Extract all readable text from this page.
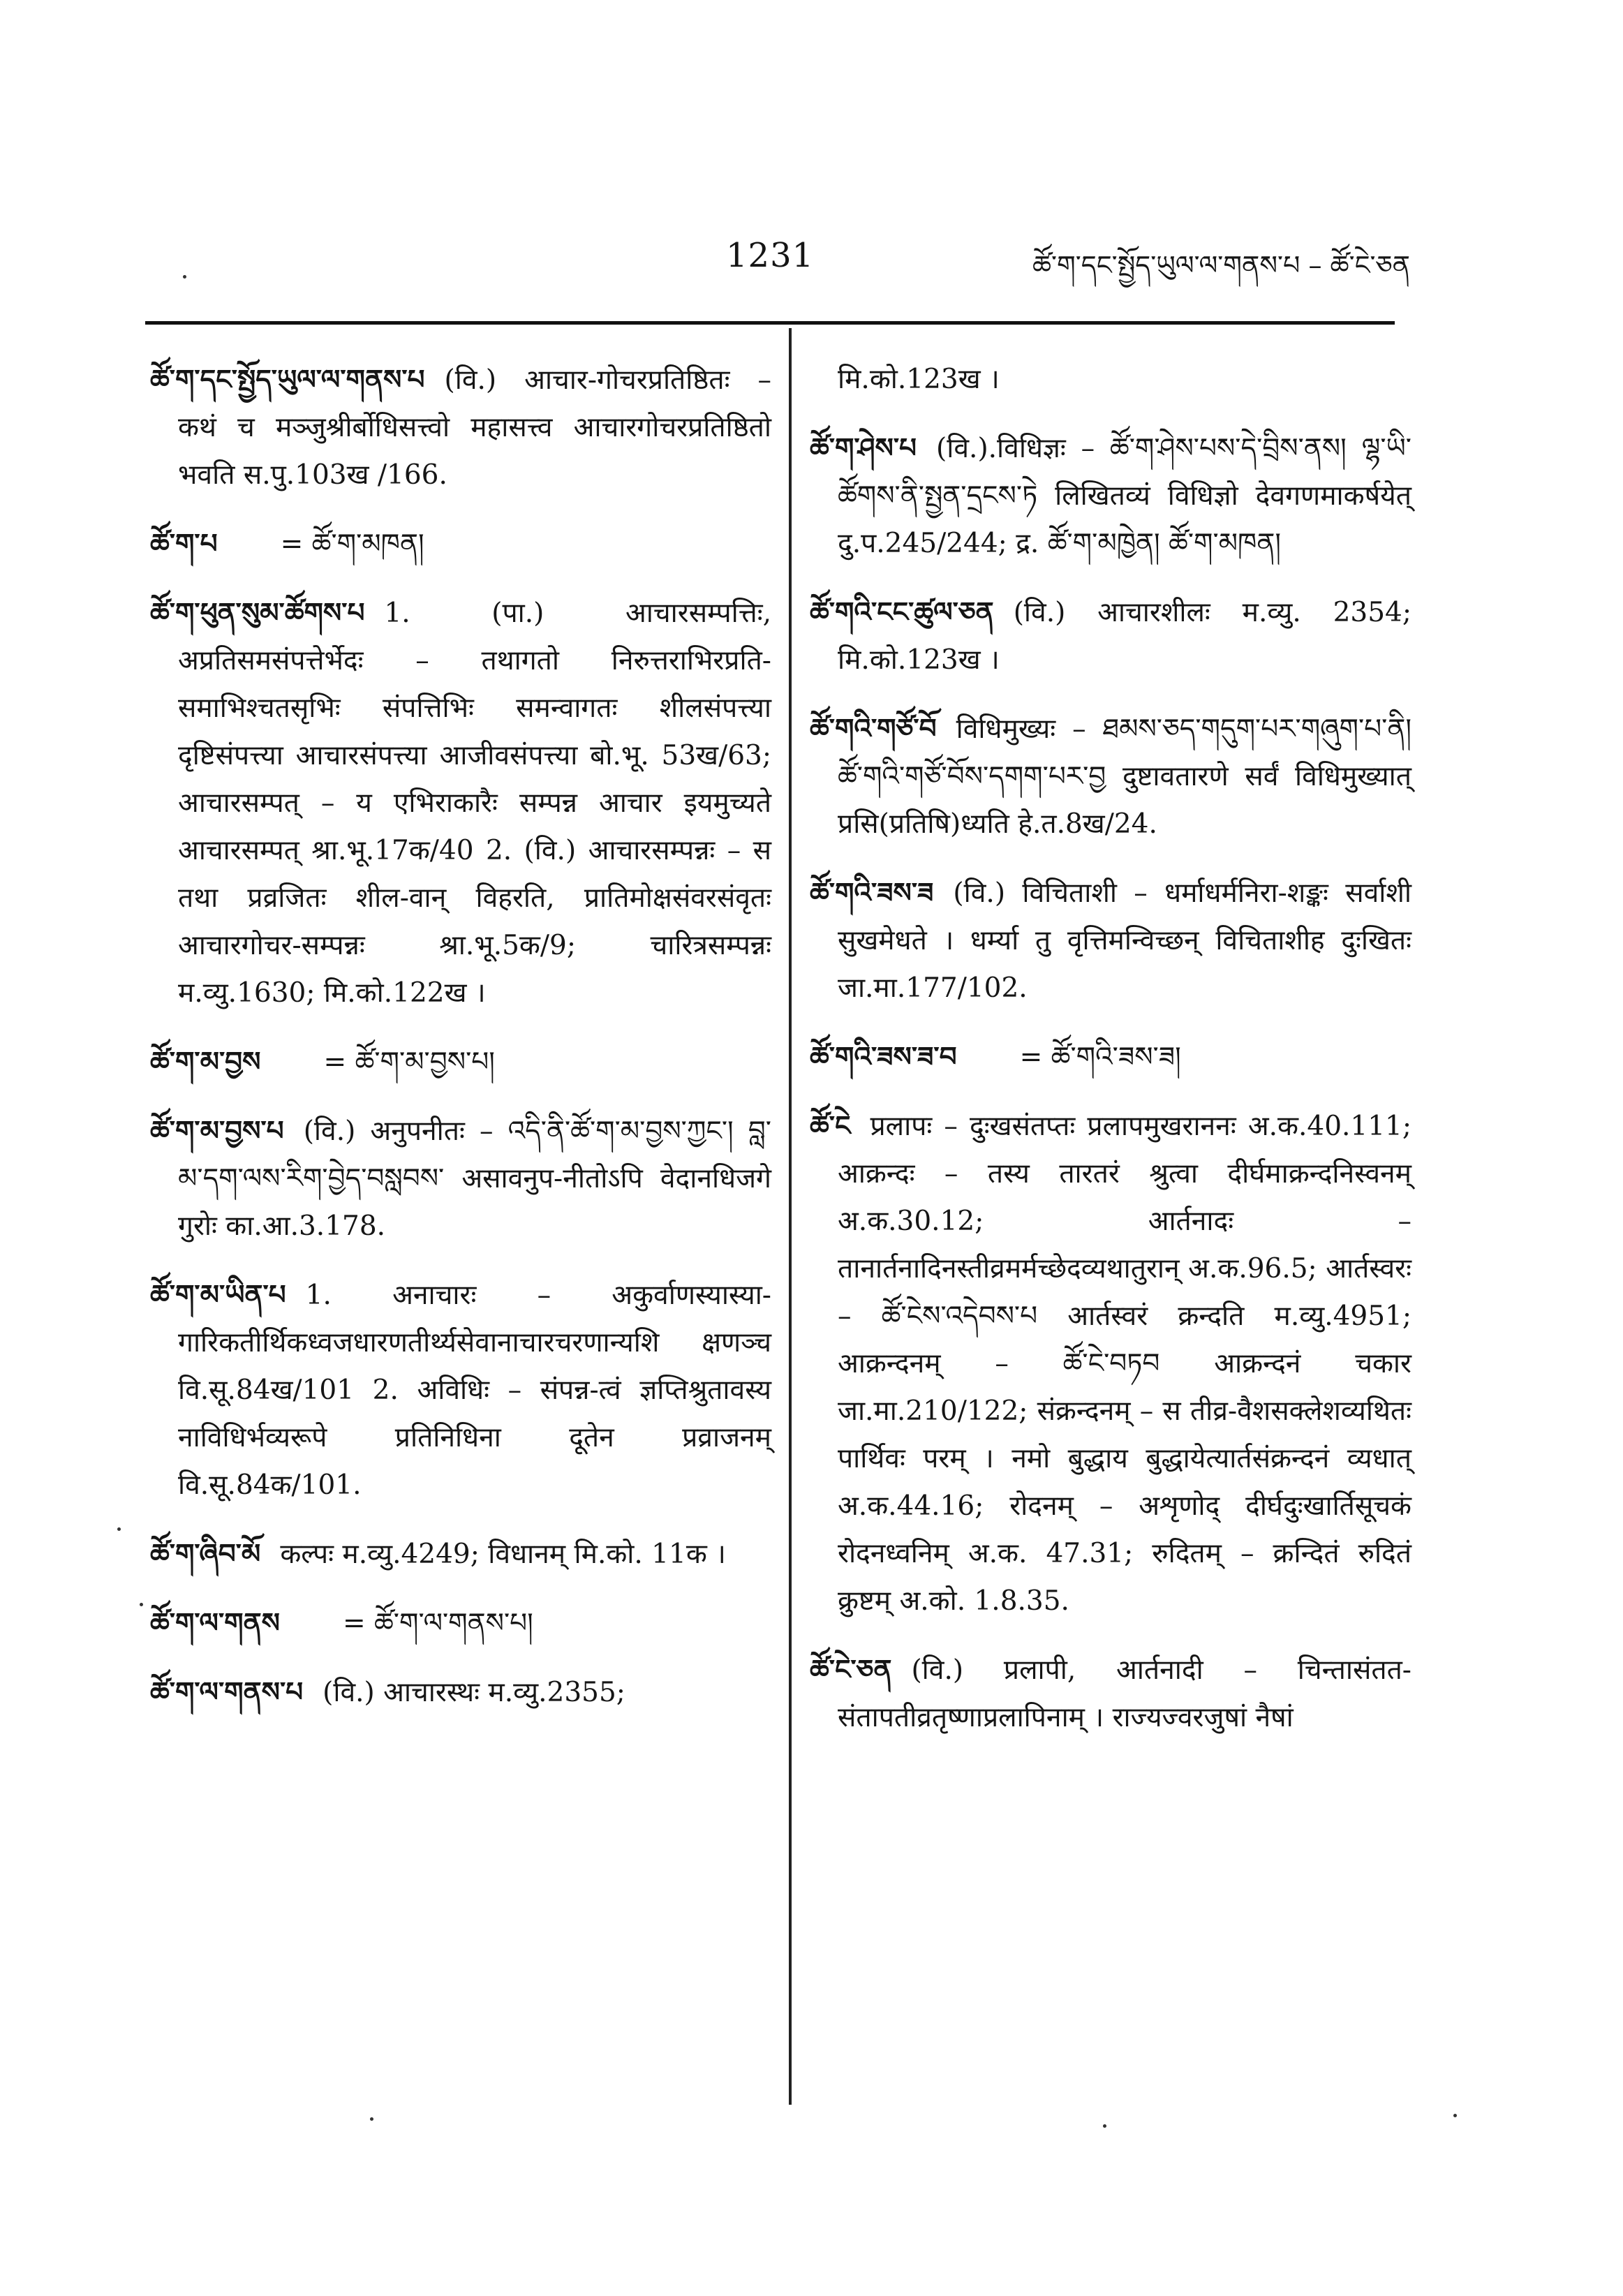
1231	ཚོ་ག་དང་སྤྱོད་ཡུལ་ལ་གནས་པ – ཚོ་ངེ་ཅན

ཚོ་ག་དང་སྤྱོད་ཡུལ་ལ་གནས་པ (वि.) आचार-गोचरप्रतिष्ठितः – कथं च मञ्जुश्रीर्बोधिसत्त्वो महासत्त्व आचारगोचरप्रतिष्ठितो भवति स.पु.103ख /166.

ཚོ་ག་པ = ཚོ་ག་མཁན།

ཚོ་ག་ཕུན་སུམ་ཚོགས་པ 1. (पा.) आचारसम्पत्तिः, अप्रतिसमसंपत्तेर्भेदः – तथागतो निरुत्तराभिरप्रति-समाभिश्चतसृभिः संपत्तिभिः समन्वागतः शीलसंपत्त्या दृष्टिसंपत्त्या आचारसंपत्त्या आजीवसंपत्त्या बो.भू. 53ख/63; आचारसम्पत् – य एभिराकारैः सम्पन्न आचार इयमुच्यते आचारसम्पत् श्रा.भू.17क/40 2. (वि.) आचारसम्पन्नः – स तथा प्रव्रजितः शील-वान् विहरति, प्रातिमोक्षसंवरसंवृतः आचारगोचर-सम्पन्नः श्रा.भू.5क/9; चारित्रसम्पन्नः म.व्यु.1630; मि.को.122ख ।

ཚོ་ག་མ་བྱས = ཚོ་ག་མ་བྱས་པ།

ཚོ་ག་མ་བྱས་པ (वि.) अनुपनीतः – འདི་ནི་ཚོ་ག་མ་བྱས་ཀྱང་། བླ་མ་དག་ལས་རིག་བྱེད་བསླབས་ असावनुप-नीतोऽपि वेदानधिजगे गुरोः का.आ.3.178.

ཚོ་ག་མ་ཡིན་པ 1. अनाचारः – अकुर्वाणस्यास्या-गारिकतीर्थिकध्वजधारणतीर्थ्यसेवानाचारचरणान्यशि क्षणञ्च वि.सू.84ख/101 2. अविधिः – संपन्न-त्वं ज्ञप्तिश्रुतावस्य नाविधिर्भव्यरूपे प्रतिनिधिना दूतेन प्रव्राजनम् वि.सू.84क/101.

ཚོ་ག་ཞིབ་མོ कल्पः म.व्यु.4249; विधानम् मि.को. 11क ।

ཚོ་ག་ལ་གནས = ཚོ་ག་ལ་གནས་པ།

ཚོ་ག་ལ་གནས་པ (वि.) आचारस्थः म.व्यु.2355;

मि.को.123ख ।

ཚོ་ག་ཤེས་པ (वि.).विधिज्ञः – ཚོ་ག་ཤེས་པས་དེ་བྲིས་ནས། ལྷ་ཡི་ཚོགས་ནི་སྤྱན་དྲངས་ཏེ लिखितव्यं विधिज्ञो देवगणमाकर्षयेत् दु.प.245/244; द्र. ཚོ་ག་མཁྱེན། ཚོ་ག་མཁན།

ཚོ་གའི་ངང་ཚུལ་ཅན (वि.) आचारशीलः म.व्यु. 2354; मि.को.123ख ।

ཚོ་གའི་གཙོ་བོ विधिमुख्यः – ཐམས་ཅད་གདུག་པར་གཞུག་པ་ནི། ཚོ་གའི་གཙོ་བོས་དགག་པར་བྱ दुष्टावतारणे सर्वं विधिमुख्यात् प्रसि(प्रतिषि)ध्यति हे.त.8ख/24.

ཚོ་གའི་ཟས་ཟ (वि.) विचिताशी – धर्माधर्मनिरा-शङ्कः सर्वाशी सुखमेधते । धर्म्या तु वृत्तिमन्विच्छन् विचिताशीह दुःखितः जा.मा.177/102.

ཚོ་གའི་ཟས་ཟ་བ = ཚོ་གའི་ཟས་ཟ།

ཚོ་ངེ प्रलापः – दुःखसंतप्तः प्रलापमुखराननः अ.क.40.111; आक्रन्दः – तस्य तारतरं श्रुत्वा दीर्घमाक्रन्दनिस्वनम् अ.क.30.12; आर्तनादः – तानार्तनादिनस्तीव्रमर्मच्छेदव्यथातुरान् अ.क.96.5; आर्तस्वरः – ཚོ་ངེས་འདེབས་པ आर्तस्वरं क्रन्दति म.व्यु.4951; आक्रन्दनम् – ཚོ་ངེ་བཏབ आक्रन्दनं चकार जा.मा.210/122; संक्रन्दनम् – स तीव्र-वैशसक्लेशव्यथितः पार्थिवः परम् । नमो बुद्धाय बुद्धायेत्यार्तसंक्रन्दनं व्यधात् अ.क.44.16; रोदनम् – अशृणोद् दीर्घदुःखार्तिसूचकं रोदनध्वनिम् अ.क. 47.31; रुदितम् – क्रन्दितं रुदितं क्रुष्टम् अ.को. 1.8.35.

ཚོ་ངེ་ཅན (वि.) प्रलापी, आर्तनादी – चिन्तासंतत-संतापतीव्रतृष्णाप्रलापिनाम् । राज्यज्वरजुषां नैषां
